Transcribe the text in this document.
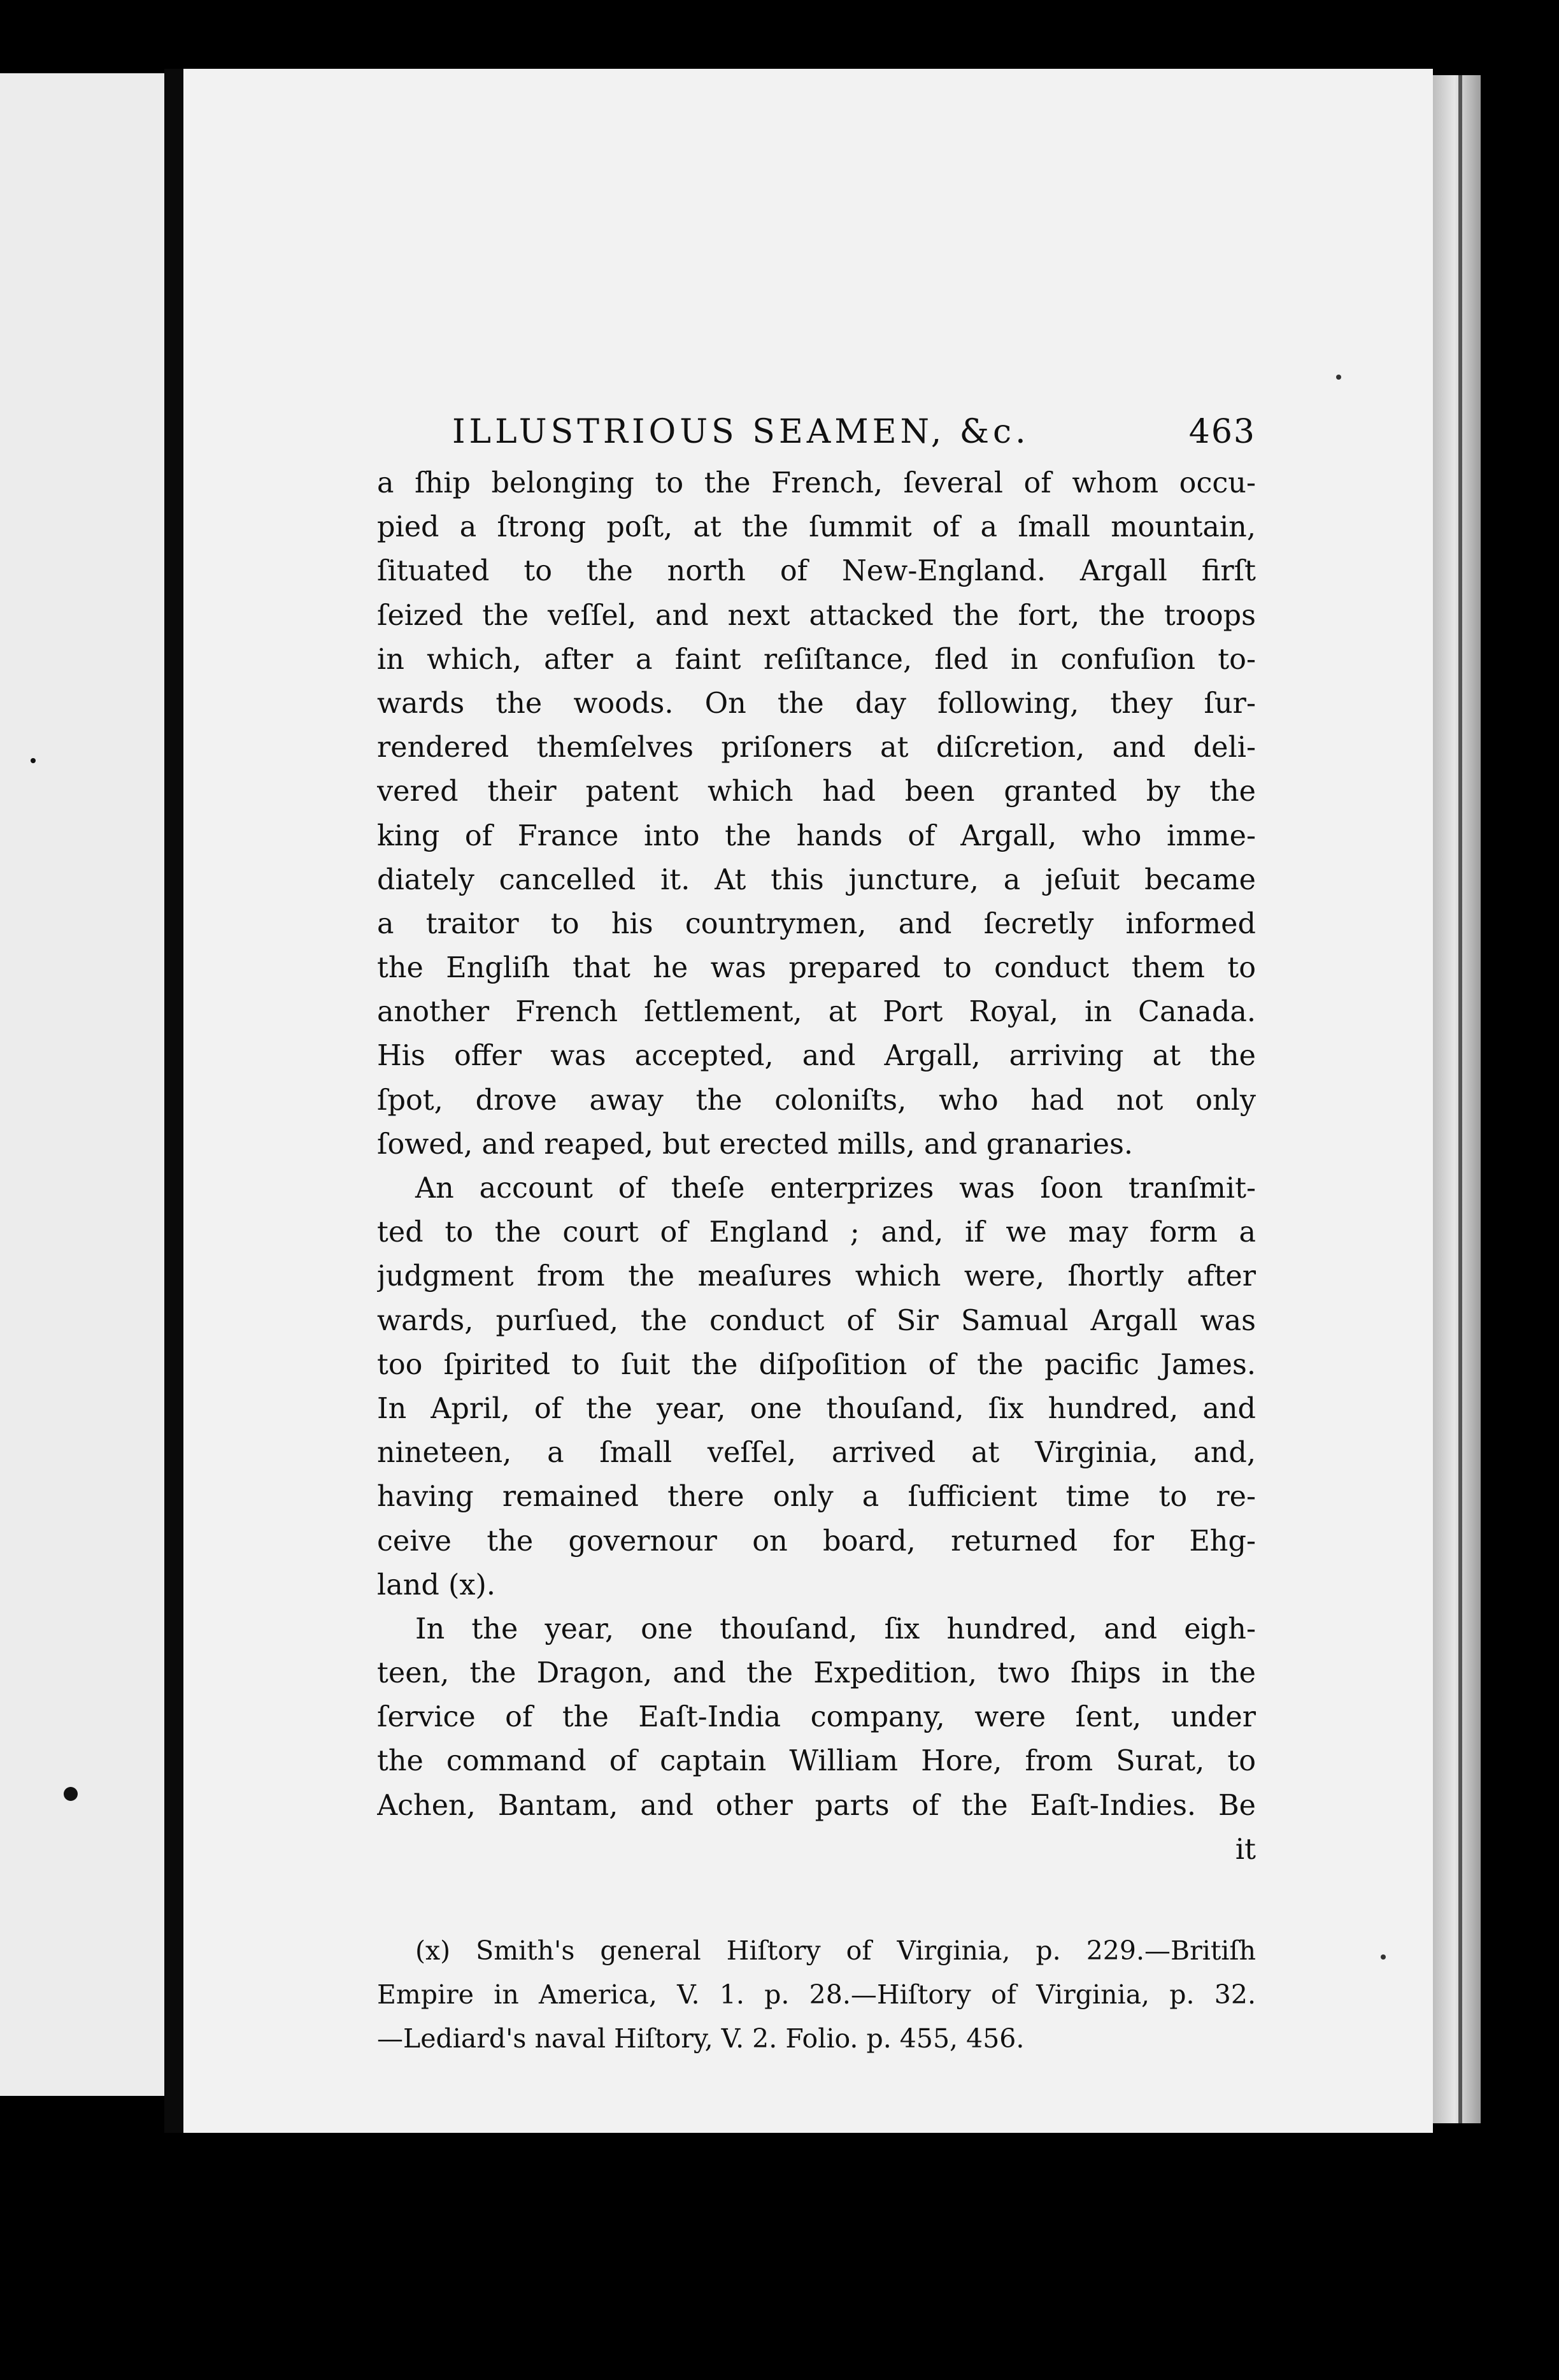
ILLUSTRIOUS SEAMEN, &c.	463
a ſhip belonging to the French, ſeveral of whom occu-
pied a ſtrong poſt, at the ſummit of a ſmall mountain,
ſituated to the north of New-England. Argall firſt
ſeized the veſſel, and next attacked the fort, the troops
in which, after a faint reſiſtance, fled in confuſion to-
wards the woods. On the day following, they ſur-
rendered themſelves priſoners at diſcretion, and deli-
vered their patent which had been granted by the
king of France into the hands of Argall, who imme-
diately cancelled it. At this juncture, a jeſuit became
a traitor to his countrymen, and ſecretly informed
the Engliſh that he was prepared to conduct them to
another French ſettlement, at Port Royal, in Canada.
His offer was accepted, and Argall, arriving at the
ſpot, drove away the coloniſts, who had not only
ſowed, and reaped, but erected mills, and granaries.
An account of theſe enterprizes was ſoon tranſmit-
ted to the court of England ; and, if we may form a
judgment from the meaſures which were, ſhortly after
wards, purſued, the conduct of Sir Samual Argall was
too ſpirited to ſuit the diſpoſition of the pacific James.
In April, of the year, one thouſand, ſix hundred, and
nineteen, a ſmall veſſel, arrived at Virginia, and,
having remained there only a ſufficient time to re-
ceive the governour on board, returned for Ehg-
land (x).
In the year, one thouſand, ſix hundred, and eigh-
teen, the Dragon, and the Expedition, two ſhips in the
ſervice of the Eaſt-India company, were ſent, under
the command of captain William Hore, from Surat, to
Achen, Bantam, and other parts of the Eaſt-Indies. Be
it
(x) Smith's general Hiſtory of Virginia, p. 229.—Britiſh
Empire in America, V. 1. p. 28.—Hiſtory of Virginia, p. 32.
—Lediard's naval Hiſtory, V. 2. Folio. p. 455, 456.
